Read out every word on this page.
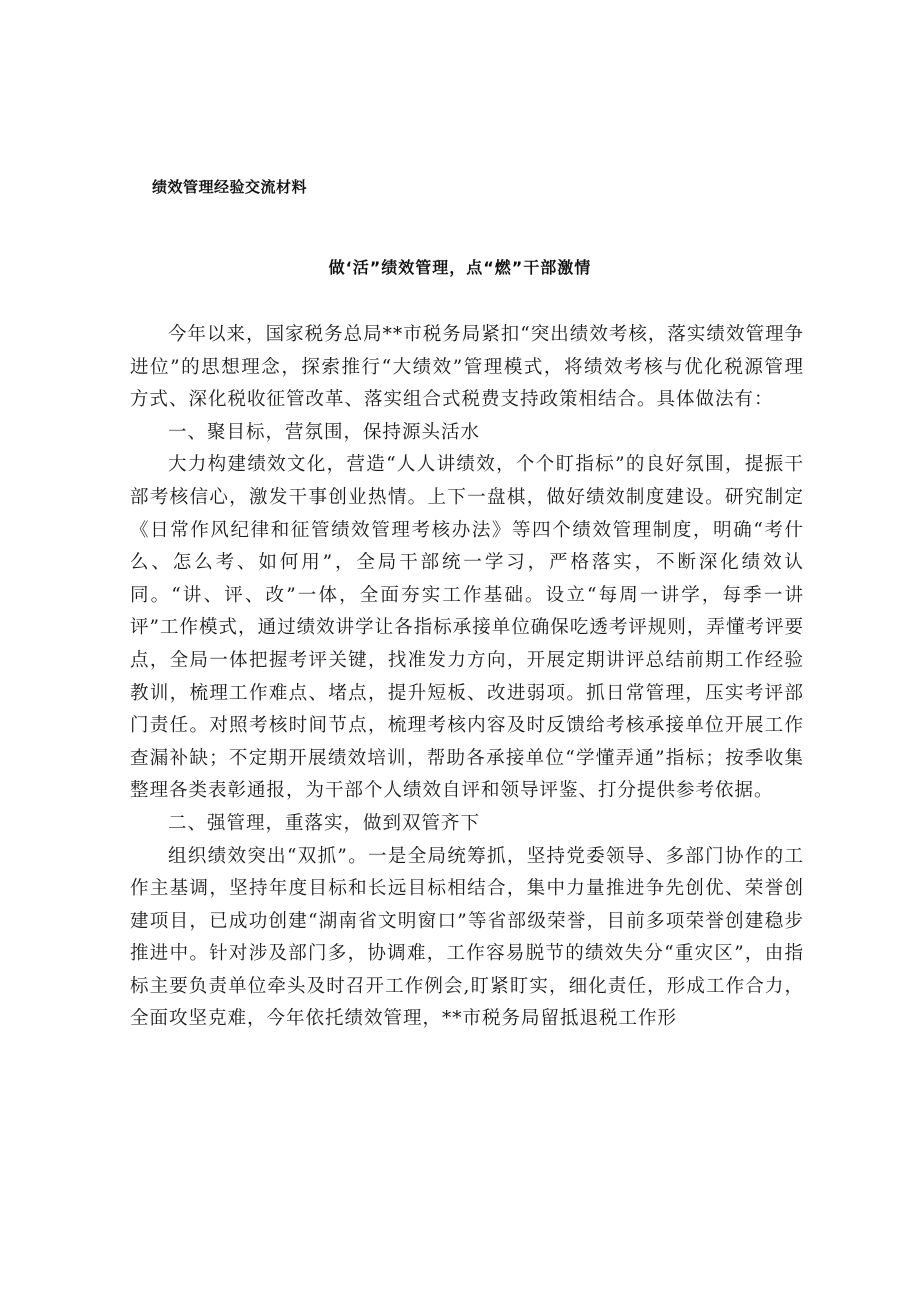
绩效管理经验交流材料
做‘活”绩效管理，点“燃”干部激情

今年以来，国家税务总局**市税务局紧扣“突出绩效考核，落实绩效管理争进位”的思想理念，探索推行“大绩效”管理模式，将绩效考核与优化税源管理方式、深化税收征管改革、落实组合式税费支持政策相结合。具体做法有：

一、聚目标，营氛围，保持源头活水

大力构建绩效文化，营造“人人讲绩效，个个盯指标”的良好氛围，提振干部考核信心，激发干事创业热情。上下一盘棋，做好绩效制度建设。研究制定《日常作风纪律和征管绩效管理考核办法》等四个绩效管理制度，明确“考什么、怎么考、如何用”，全局干部统一学习，严格落实，不断深化绩效认同。“讲、评、改”一体，全面夯实工作基础。设立“每周一讲学，每季一讲评”工作模式，通过绩效讲学让各指标承接单位确保吃透考评规则，弄懂考评要点，全局一体把握考评关键，找准发力方向，开展定期讲评总结前期工作经验教训，梳理工作难点、堵点，提升短板、改进弱项。抓日常管理，压实考评部门责任。对照考核时间节点，梳理考核内容及时反馈给考核承接单位开展工作查漏补缺；不定期开展绩效培训，帮助各承接单位“学懂弄通”指标；按季收集整理各类表彰通报，为干部个人绩效自评和领导评鉴、打分提供参考依据。

二、强管理，重落实，做到双管齐下

组织绩效突出“双抓”。一是全局统筹抓，坚持党委领导、多部门协作的工作主基调，坚持年度目标和长远目标相结合，集中力量推进争先创优、荣誉创建项目，已成功创建“湖南省文明窗口”等省部级荣誉，目前多项荣誉创建稳步推进中。针对涉及部门多，协调难，工作容易脱节的绩效失分“重灾区”，由指标主要负责单位牵头及时召开工作例会,盯紧盯实，细化责任，形成工作合力，全面攻坚克难，今年依托绩效管理，**市税务局留抵退税工作形
